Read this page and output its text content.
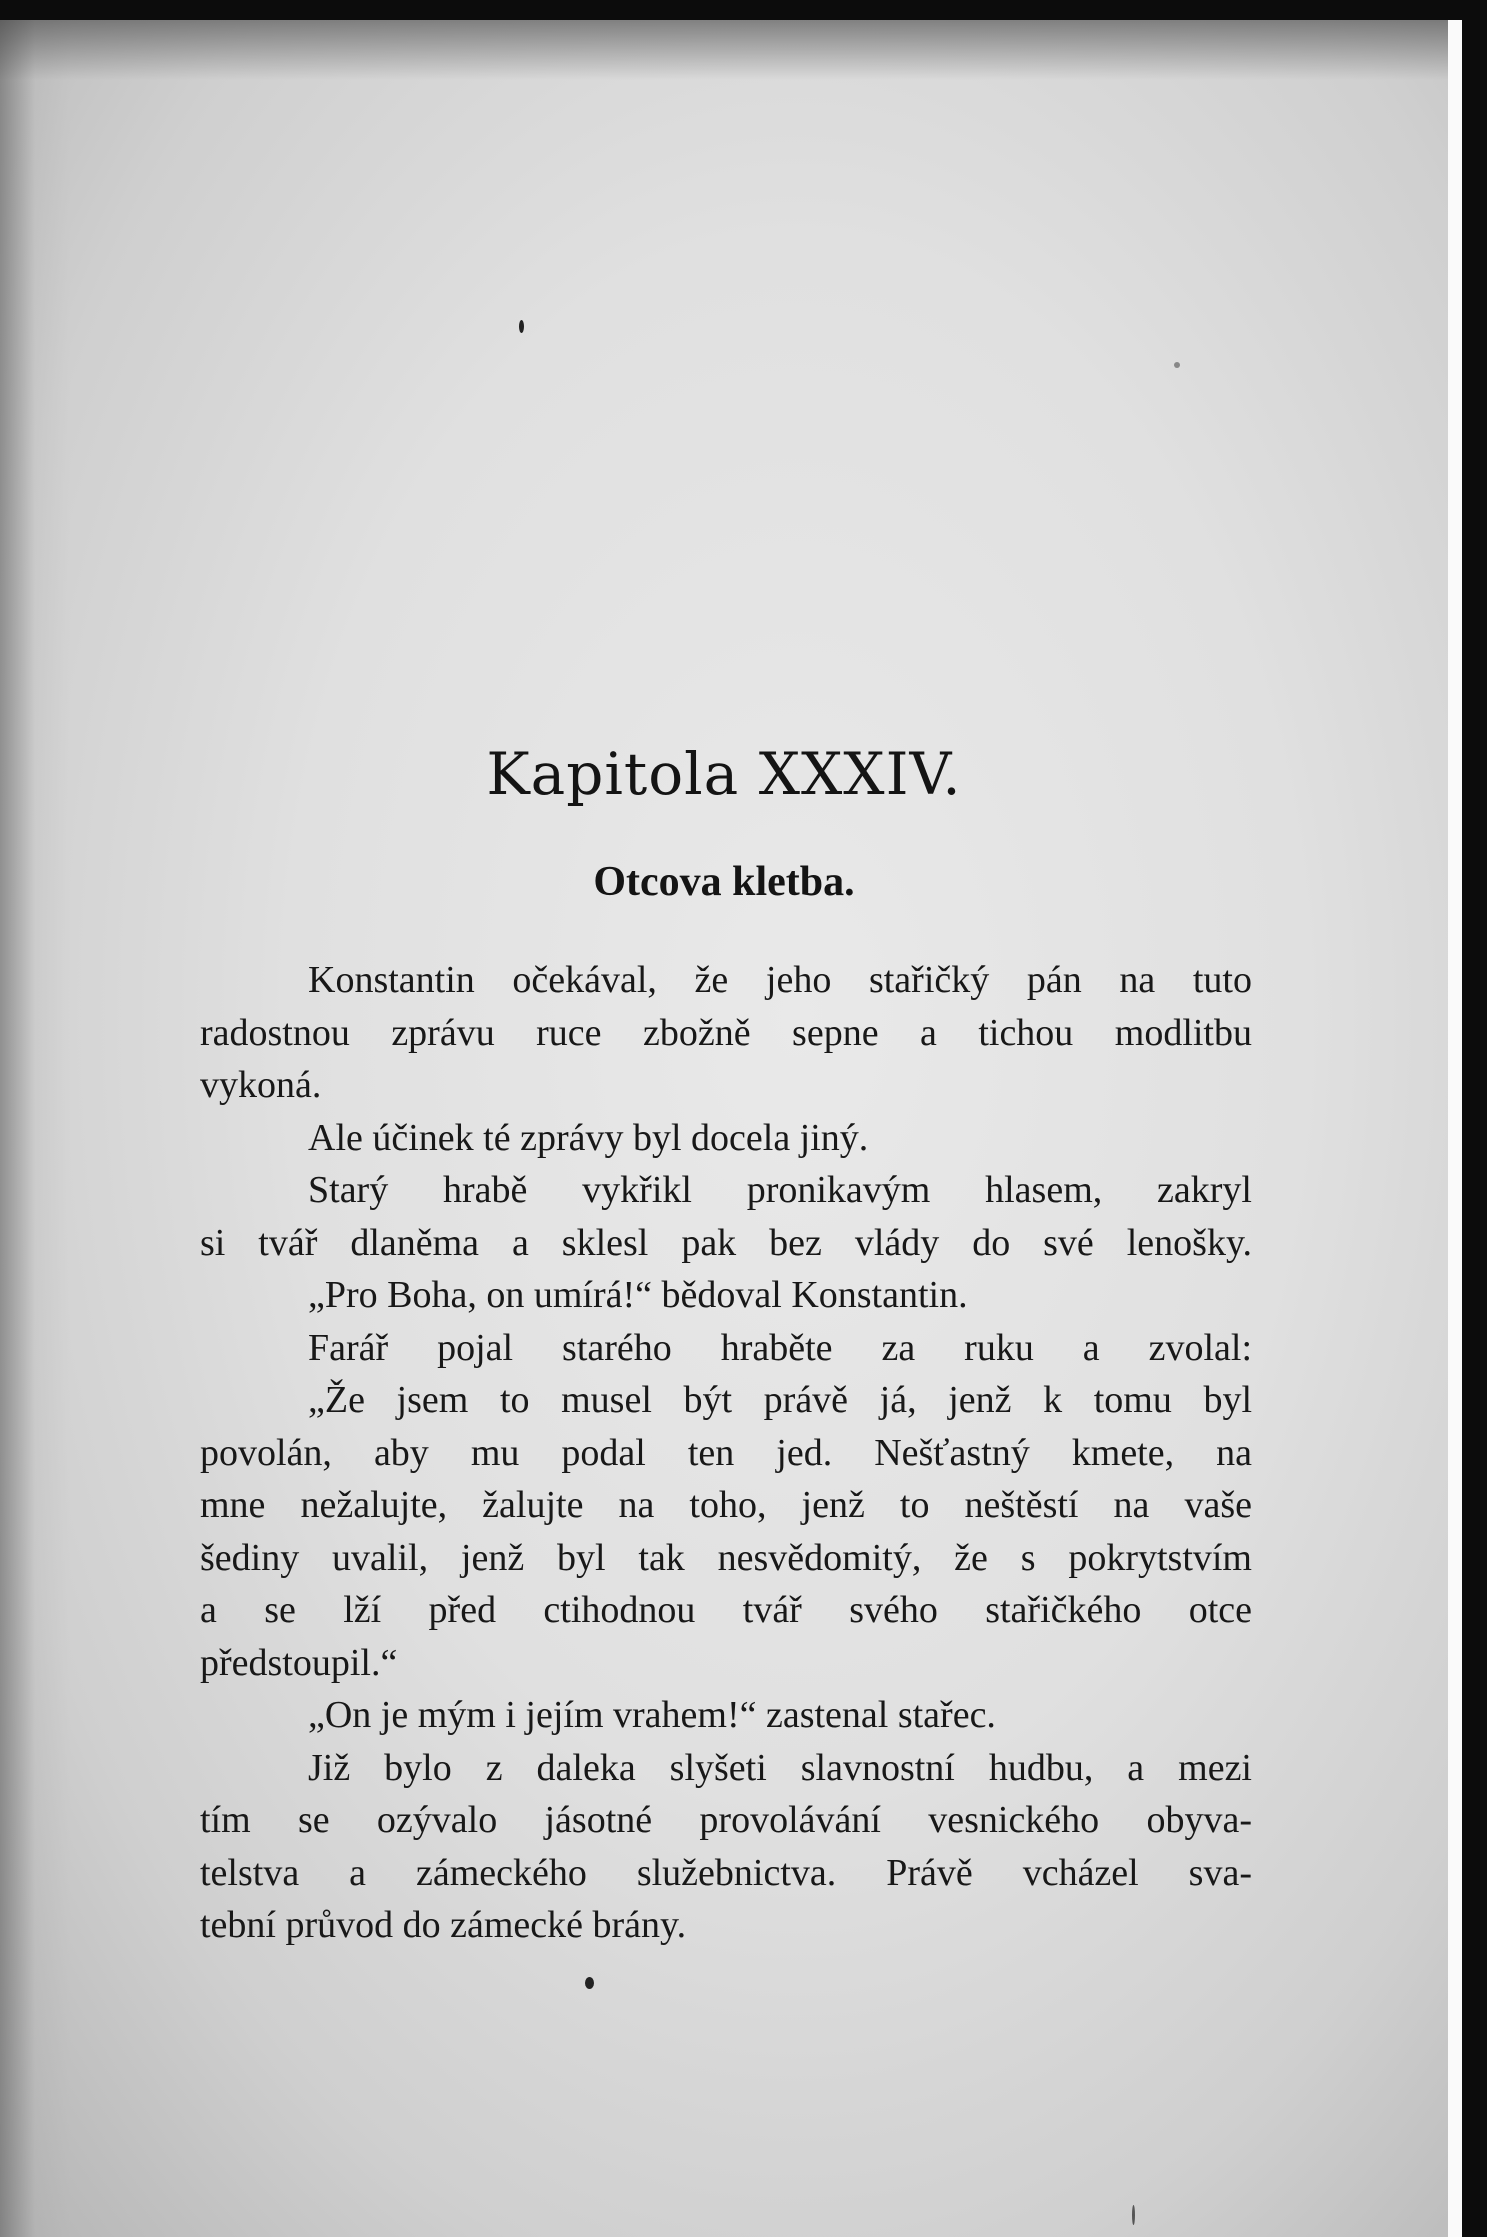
Kapitola XXXIV.
Otcova kletba.
Konstantin očekával, že jeho stařičký pán na tuto
radostnou zprávu ruce zbožně sepne a tichou modlitbu
vykoná.
Ale účinek té zprávy byl docela jiný.
Starý hrabě vykřikl pronikavým hlasem, zakryl
si tvář dlaněma a sklesl pak bez vlády do své lenošky.
„Pro Boha, on umírá!“ bědoval Konstantin.
Farář pojal starého hraběte za ruku a zvolal:
„Že jsem to musel být právě já, jenž k tomu byl
povolán, aby mu podal ten jed. Nešťastný kmete, na
mne nežalujte, žalujte na toho, jenž to neštěstí na vaše
šediny uvalil, jenž byl tak nesvědomitý, že s pokrytstvím
a se lží před ctihodnou tvář svého stařičkého otce
předstoupil.“
„On je mým i jejím vrahem!“ zastenal stařec.
Již bylo z daleka slyšeti slavnostní hudbu, a mezi
tím se ozývalo jásotné provolávání vesnického obyva-
telstva a zámeckého služebnictva. Právě vcházel sva-
tební průvod do zámecké brány.
